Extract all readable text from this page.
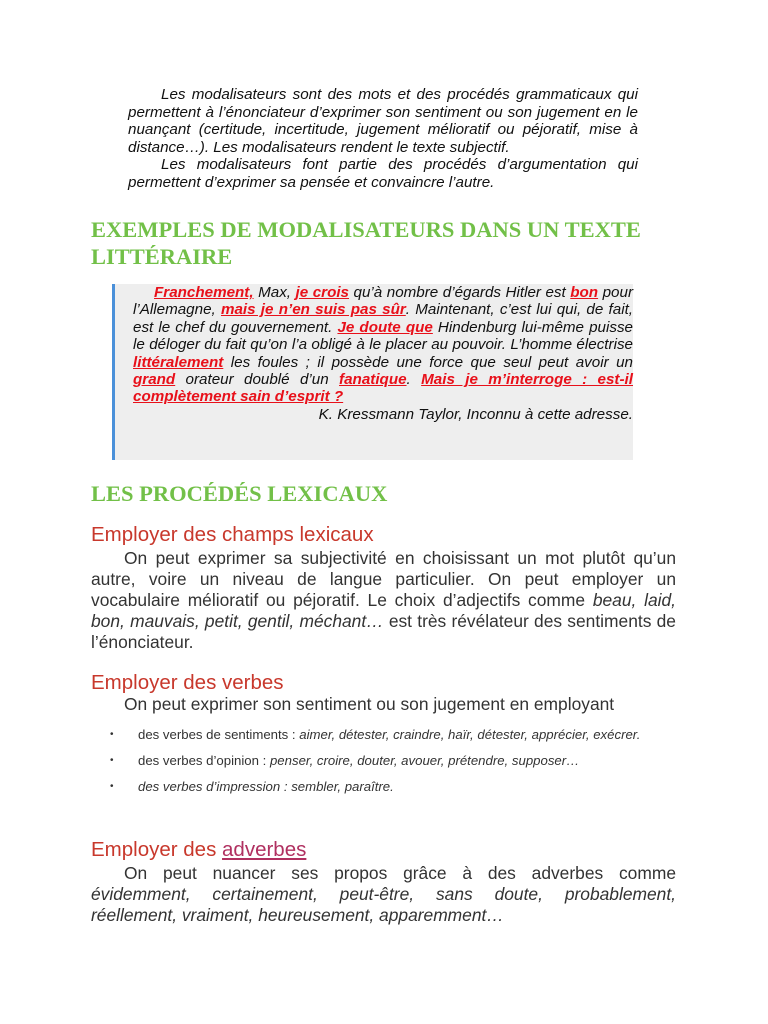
Les modalisateurs sont des mots et des procédés grammaticaux qui permettent à l’énonciateur d’exprimer son sentiment ou son jugement en le nuançant (certitude, incertitude, jugement mélioratif ou péjoratif, mise à distance…). Les modalisateurs rendent le texte subjectif.

Les modalisateurs font partie des procédés d’argumentation qui permettent d’exprimer sa pensée et convaincre l’autre.

EXEMPLES DE MODALISATEURS DANS UN TEXTE LITTÉRAIRE

Franchement, Max, je crois qu’à nombre d’égards Hitler est bon pour l’Allemagne, mais je n’en suis pas sûr. Maintenant, c’est lui qui, de fait, est le chef du gouvernement. Je doute que Hindenburg lui-même puisse le déloger du fait qu’on l’a obligé à le placer au pouvoir. L’homme électrise littéralement les foules ; il possède une force que seul peut avoir un grand orateur doublé d’un fanatique. Mais je m’interroge : est-il complètement sain d’esprit ?

K. Kressmann Taylor, Inconnu à cette adresse.

LES PROCÉDÉS LEXICAUX
Employer des champs lexicaux

On peut exprimer sa subjectivité en choisissant un mot plutôt qu’un autre, voire un niveau de langue particulier. On peut employer un vocabulaire mélioratif ou péjoratif. Le choix d’adjectifs comme beau, laid, bon, mauvais, petit, gentil, méchant… est très révélateur des sentiments de l’énonciateur.

Employer des verbes

On peut exprimer son sentiment ou son jugement en employant

• des verbes de sentiments : aimer, détester, craindre, haïr, détester, apprécier, exécrer.
• des verbes d’opinion : penser, croire, douter, avouer, prétendre, supposer…
• des verbes d’impression : sembler, paraître.
Employer des adverbes

On peut nuancer ses propos grâce à des adverbes comme évidemment, certainement, peut-être, sans doute, probablement, réellement, vraiment, heureusement, apparemment…
